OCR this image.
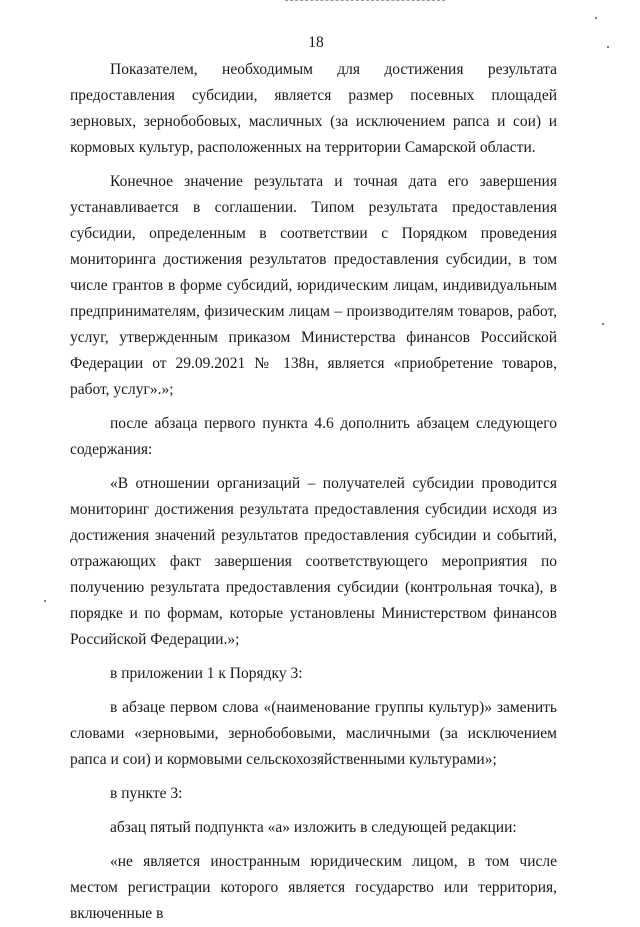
18

Показателем, необходимым для достижения результата предоставления субсидии, является размер посевных площадей зерновых, зернобобовых, масличных (за исключением рапса и сои) и кормовых культур, расположенных на территории Самарской области.

Конечное значение результата и точная дата его завершения устанавливается в соглашении. Типом результата предоставления субсидии, определенным в соответствии с Порядком проведения мониторинга достижения результатов предоставления субсидии, в том числе грантов в форме субсидий, юридическим лицам, индивидуальным предпринимателям, физическим лицам – производителям товаров, работ, услуг, утвержденным приказом Министерства финансов Российской Федерации от 29.09.2021 № 138н, является «приобретение товаров, работ, услуг».»;

после абзаца первого пункта 4.6 дополнить абзацем следующего содержания:

«В отношении организаций – получателей субсидии проводится мониторинг достижения результата предоставления субсидии исходя из достижения значений результатов предоставления субсидии и событий, отражающих факт завершения соответствующего мероприятия по получению результата предоставления субсидии (контрольная точка), в порядке и по формам, которые установлены Министерством финансов Российской Федерации.»;

в приложении 1 к Порядку 3:

в абзаце первом слова «(наименование группы культур)» заменить словами «зерновыми, зернобобовыми, масличными (за исключением рапса и сои) и кормовыми сельскохозяйственными культурами»;

в пункте 3:

абзац пятый подпункта «а» изложить в следующей редакции:

«не является иностранным юридическим лицом, в том числе местом регистрации которого является государство или территория, включенные в
